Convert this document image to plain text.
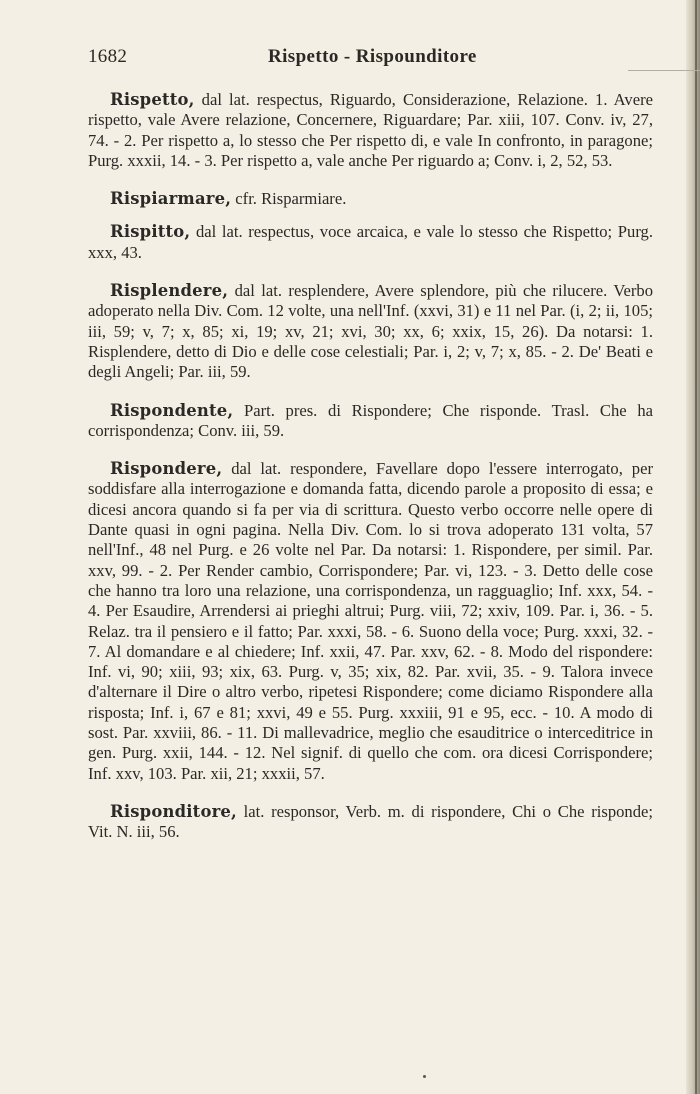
1682	Rispetto - Rispounditore

Rispetto, dal lat. respectus, Riguardo, Considerazione, Relazione. 1. Avere rispetto, vale Avere relazione, Concernere, Riguardare; Par. xiii, 107. Conv. iv, 27, 74. - 2. Per rispetto a, lo stesso che Per rispetto di, e vale In confronto, in paragone; Purg. xxxii, 14. - 3. Per rispetto a, vale anche Per riguardo a; Conv. i, 2, 52, 53.

Rispiarmare, cfr. Risparmiare.

Rispitto, dal lat. respectus, voce arcaica, e vale lo stesso che Rispetto; Purg. xxx, 43.

Risplendere, dal lat. resplendere, Avere splendore, più che rilucere. Verbo adoperato nella Div. Com. 12 volte, una nell'Inf. (xxvi, 31) e 11 nel Par. (i, 2; ii, 105; iii, 59; v, 7; x, 85; xi, 19; xv, 21; xvi, 30; xx, 6; xxix, 15, 26). Da notarsi: 1. Risplendere, detto di Dio e delle cose celestiali; Par. i, 2; v, 7; x, 85. - 2. De' Beati e degli Angeli; Par. iii, 59.

Rispondente, Part. pres. di Rispondere; Che risponde. Trasl. Che ha corrispondenza; Conv. iii, 59.

Rispondere, dal lat. respondere, Favellare dopo l'essere interrogato, per soddisfare alla interrogazione e domanda fatta, dicendo parole a proposito di essa; e dicesi ancora quando si fa per via di scrittura. Questo verbo occorre nelle opere di Dante quasi in ogni pagina. Nella Div. Com. lo si trova adoperato 131 volta, 57 nell'Inf., 48 nel Purg. e 26 volte nel Par. Da notarsi: 1. Rispondere, per simil. Par. xxv, 99. - 2. Per Render cambio, Corrispondere; Par. vi, 123. - 3. Detto delle cose che hanno tra loro una relazione, una corrispondenza, un ragguaglio; Inf. xxx, 54. - 4. Per Esaudire, Arrendersi ai prieghi altrui; Purg. viii, 72; xxiv, 109. Par. i, 36. - 5. Relaz. tra il pensiero e il fatto; Par. xxxi, 58. - 6. Suono della voce; Purg. xxxi, 32. - 7. Al domandare e al chiedere; Inf. xxii, 47. Par. xxv, 62. - 8. Modo del rispondere: Inf. vi, 90; xiii, 93; xix, 63. Purg. v, 35; xix, 82. Par. xvii, 35. - 9. Talora invece d'alternare il Dire o altro verbo, ripetesi Rispondere; come diciamo Rispondere alla risposta; Inf. i, 67 e 81; xxvi, 49 e 55. Purg. xxxiii, 91 e 95, ecc. - 10. A modo di sost. Par. xxviii, 86. - 11. Di mallevadrice, meglio che esauditrice o interceditrice in gen. Purg. xxii, 144. - 12. Nel signif. di quello che com. ora dicesi Corrispondere; Inf. xxv, 103. Par. xii, 21; xxxii, 57.

Risponditore, lat. responsor, Verb. m. di rispondere, Chi o Che risponde; Vit. N. iii, 56.
